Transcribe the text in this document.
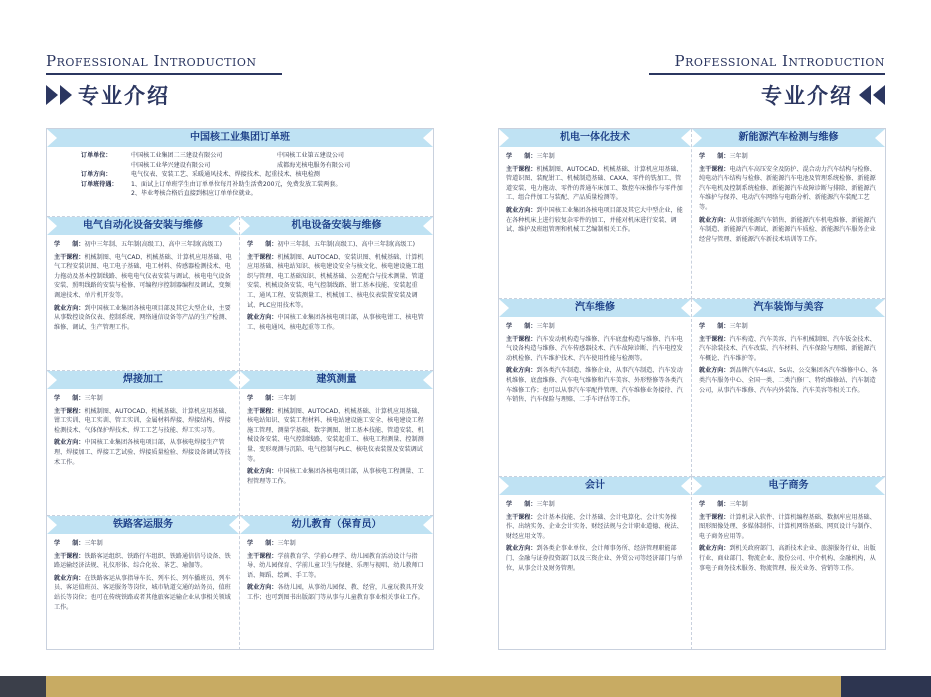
Professional Introduction
专业介绍
Professional Introduction
专业介绍
中国核工业集团订单班
订单单位：	中国核工业集团二三建设有限公司	中国核工业第五建设公司
中国核工业华兴建设有限公司	成都海光核电服务有限公司
订单方向：	电气仪表、安装工艺、采暖通风技术、焊接技术、起重技术、核电检测
订单班待遇：	1、面试上订单班学生由订单单位每月补助生活费200元，免费发放工装两套。
2、毕业考核合格后直接到相应订单单位就业。
电气自动化设备安装与维修

学　　制：初中三年制、五年制(高级工)、高中三年制(高级工)

主干课程：机械制图、电气CAD、机械基础、计算机应用基础、电气工程安装识图、电工电子基础、电工材料、传感器检测技术、电力拖动及基本控制线路、核电电气仪表安装与调试、核电电气设备安装、照明线路的安装与检修、可编程序控制器编程及调试、变频调速技术、单片机开发等。

就业方向：到中国核工业集团各核电项目部及其它大型企业，主要从事数控设备仪表、控制系统、网络通信设备等产品的生产检测、维修、调试、生产管理工作。

机电设备安装与维修

学　　制：初中三年制、五年制(高级工)、高中三年制(高级工)

主干课程：机械制图、AUTOCAD、安装识图、机械基础、计算机应用基础、核电站知识、核电建设安全与核文化、核电建设施工组织与管理、电工基础知识、机械基础、公差配合与技术测量、管道安装、机械设备安装、电气控制线路、钳工基本技能、安装起重工、通风工程、安装测量工、机械加工、核电仪表装置安装及调试、PLC应用技术等。

就业方向：中国核工业集团各核电项目部，从事核电钳工、核电管工、核电通风、核电起重等工作。

焊接加工

学　　制：三年制

主干课程：机械制图、AUTOCAD、机械基础、计算机应用基础、钳工实训、电工实训、管工实训、金属材料焊接、焊接结构、焊接检测技术、气体保护焊技术、焊工工艺与技能、焊工实习等。

就业方向：中国核工业集团各核电项目部，从事核电焊接生产管理、焊接加工、焊接工艺试验、焊接质量检验、焊接设备调试等技术工作。

建筑测量

学　　制：三年制

主干课程：机械制图、AUTOCAD、机械基础、计算机应用基础、核电站知识、安装工程材料、核电站建设施工安全、核电建设工程施工管理、测量学基础、数字测图、钳工基本技能、管道安装、机械设备安装、电气控制线路、安装起重工、核电工程测量、控制测量、变形观测与沉陷、电气控制与PLC、核电仪表装置及安装调试等。

就业方向：中国核工业集团各核电项目部，从事核电工程测量、工程管理等工作。

铁路客运服务

学　　制：三年制

主干课程：铁路客运组织、铁路行车组织、铁路通信信号设备、铁路运输经济法规、礼仪形体、综合化妆、茶艺、瑜伽等。

就业方向：在铁路客运从事指导车长、列车长、列车播班员、列车员、客运值班员、客运服务等岗位，城市轨道交通的站务员，值班站长等岗位；也可在传统铁路或者其他旅客运输企业从事相关领域工作。

幼儿教育（保育员）

学　　制：三年制

主干课程：学前教育学、学前心理学、幼儿园教育活动设计与指导、幼儿园保育、学前儿童卫生与保健、乐理与视唱、幼儿教师口语、舞蹈、绘画、手工等。

就业方向：各幼儿园，从事幼儿园保、教、经营，儿童玩教具开发工作；也可到图书出版部门等从事与儿童教育事业相关事业工作。

机电一体化技术

学　　制：三年制

主干课程：机械制图、AUTOCAD、机械基础、计算机应用基础、管道识图、装配钳工、机械制造基础、CAXA、零件的铣加工、管道安装、电力拖动、零件的普通车床加工、数控车床操作与零件加工、组合件加工与装配、产品质量检测等。

就业方向：到中国核工业集团各核电项目部及其它大中型企业，能在各种机床上进行较复杂零件的加工，并能对机床进行安装、调试、维护及班组管理和机械工艺编制相关工作。

新能源汽车检测与维修

学　　制：三年制

主干课程：电动汽车高压安全及防护、混合动力汽车结构与检修、纯电动汽车结构与检修、新能源汽车电池及管理系统检修、新能源汽车电机及控制系统检修、新能源汽车故障诊断与排除、新能源汽车维护与保养、电动汽车网络与电路分析、新能源汽车装配工艺等。

就业方向：从事新能源汽车销售、新能源汽车机电维修、新能源汽车制造、新能源汽车调试、新能源汽车质检、新能源汽车服务企业经营与管理、新能源汽车新技术培训等工作。

汽车维修

学　　制：三年制

主干课程：汽车发动机构造与维修、汽车底盘构造与维修、汽车电气设备构造与维修、汽车传感器技术、汽车故障诊断、汽车电控发动机检修、汽车维护技术、汽车使用性能与检测等。

就业方向：到各类汽车制造、维修企业，从事汽车制造、汽车发动机维修、底盘维修、汽车电气维修和汽车美容、外形整修等各类汽车维修工作；也可以从事汽车零配件管理、汽车维修业务接待、汽车销售、汽车保险与理赔、二手车评估等工作。

汽车装饰与美容

学　　制：三年制

主干课程：汽车构造、汽车美容、汽车机械制图、汽车钣金技术、汽车涂装技术、汽车改装、汽车材料、汽车保险与理赔、新能源汽车概论、汽车维护等。

就业方向：到品牌汽车4s店、5s店、公交集团各汽车维修中心、各类汽车服务中心、全国一类、二类汽修厂、特约维修站、汽车制造公司，从事汽车维修、汽车内外装饰、汽车美容等相关工作。

会计

学　　制：三年制

主干课程：会计基本技能、会计基础、会计电算化、会计实务操作、出纳实务、企业会计实务、财经法规与会计职业道德、税法、财经应用文等。

就业方向：到各类企事业单位、会计师事务所、经济管理职能部门、金融与证券投资部门以及三资企业、外贸公司等经济部门与单位，从事会计及财务管理。

电子商务

学　　制：三年制

主干课程：计算机录入软件、计算机编程基础、数据库应用基础、图形图像处理、多媒体制作、计算机网络基础、网页设计与制作、电子商务应用等。

就业方向：到机关政府部门、高新技术企业、旅游服务行业、出版行业、商业部门、物流企业、股份公司、中介机构、金融机构，从事电子商务技术服务、物流管理、报关业务、营销等工作。
